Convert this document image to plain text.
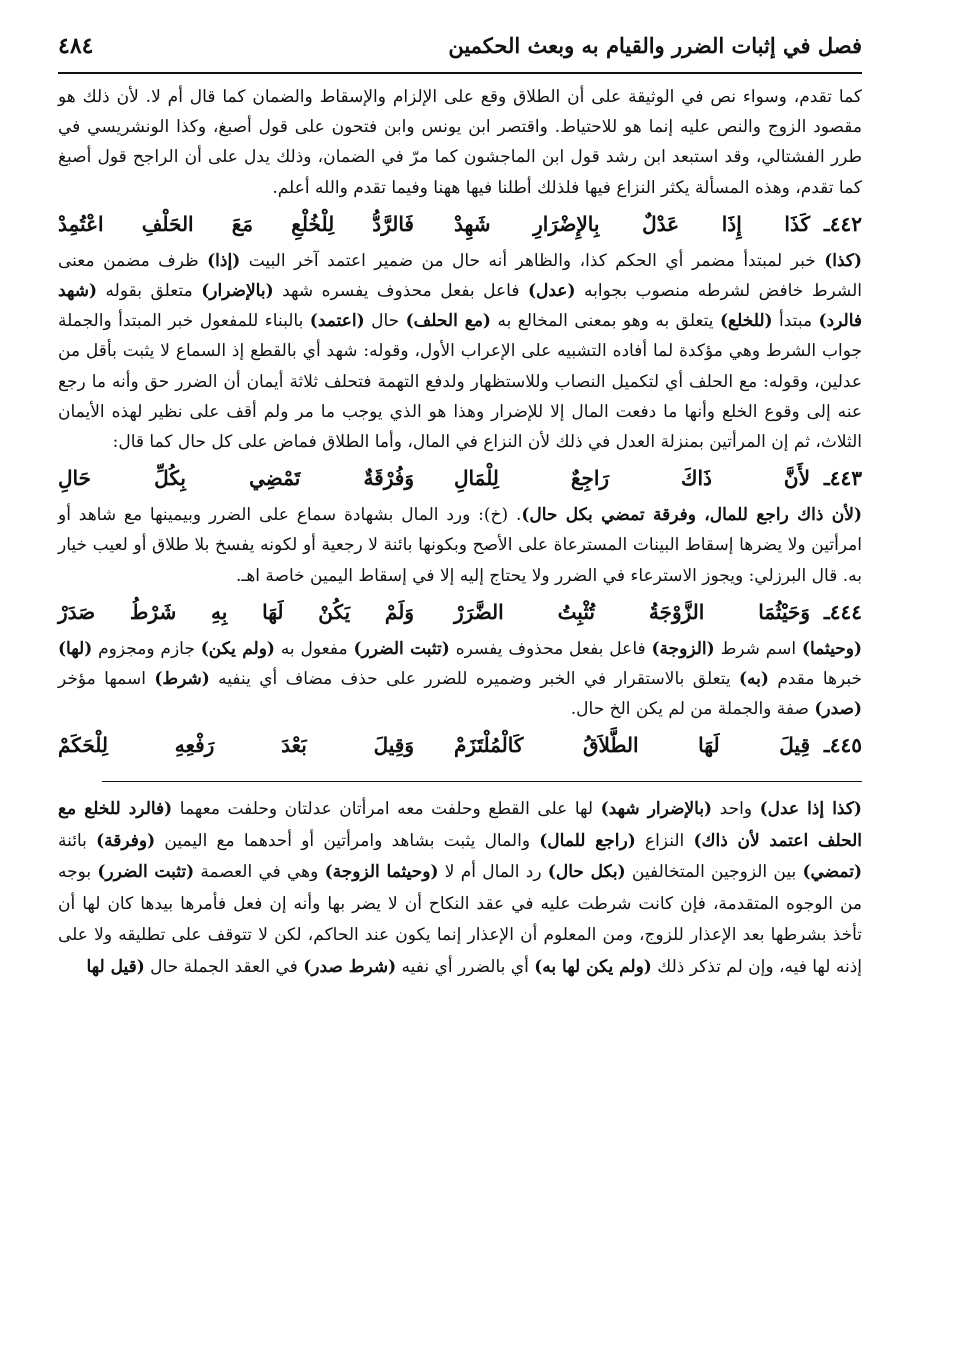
فصل في إثبات الضرر والقيام به وبعث الحكمين
٤٨٤

كما تقدم، وسواء نص في الوثيقة على أن الطلاق وقع على الإلزام والإسقاط والضمان كما قال أم لا. لأن ذلك هو مقصود الزوج والنص عليه إنما هو للاحتياط. واقتصر ابن يونس وابن فتحون على قول أصبغ، وكذا الونشريسي في طرر الفشتالي، وقد استبعد ابن رشد قول ابن الماجشون كما مرّ في الضمان، وذلك يدل على أن الراجح قول أصبغ كما تقدم، وهذه المسألة يكثر النزاع فيها فلذلك أطلنا فيها ههنا وفيما تقدم والله أعلم.

٤٤٢ـ
كَذَا إِذَا عَدْلٌ بِالإِضْرَارِ شَهِدْ
فَالرَّدُّ لِلْخُلْعِ مَعَ الحَلْفِ اعْتُمِدْ

(كذا) خبر لمبتدأ مضمر أي الحكم كذا، والظاهر أنه حال من ضمير اعتمد آخر البيت (إذا) ظرف مضمن معنى الشرط خافض لشرطه منصوب بجوابه (عدل) فاعل بفعل محذوف يفسره شهد (بالإضرار) متعلق بقوله (شهد فالرد) مبتدأ (للخلع) يتعلق به وهو بمعنى المخالع به (مع الحلف) حال (اعتمد) بالبناء للمفعول خبر المبتدأ والجملة جواب الشرط وهي مؤكدة لما أفاده التشبيه على الإعراب الأول، وقوله: شهد أي بالقطع إذ السماع لا يثبت بأقل من عدلين، وقوله: مع الحلف أي لتكميل النصاب وللاستظهار ولدفع التهمة فتحلف ثلاثة أيمان أن الضرر حق وأنه ما رجع عنه إلى وقوع الخلع وأنها ما دفعت المال إلا للإضرار وهذا هو الذي يوجب ما مر ولم أقف على نظير لهذه الأيمان الثلاث، ثم إن المرأتين بمنزلة العدل في ذلك لأن النزاع في المال، وأما الطلاق فماض على كل حال كما قال:

٤٤٣ـ
لأَنَّ ذَاكَ رَاجِعٌ لِلْمَالِ
وَفُرْقَةٌ تَمْضِي بِكُلِّ حَالِ

(لأن ذاك راجع للمال، وفرقة تمضي بكل حال). (خ): ورد المال بشهادة سماع على الضرر وبيمينها مع شاهد أو امرأتين ولا يضرها إسقاط البينات المسترعاة على الأصح وبكونها بائنة لا رجعية أو لكونه يفسخ بلا طلاق أو لعيب خيار به. قال البرزلي: ويجوز الاسترعاء في الضرر ولا يحتاج إليه إلا في إسقاط اليمين خاصة اهـ.

٤٤٤ـ
وَحَيْثُمَا الزَّوْجَةُ تُثْبِتُ الضَّرَرْ
وَلَمْ يَكُنْ لَهَا بِهِ شَرْطُ صَدَرْ

(وحيثما) اسم شرط (الزوجة) فاعل بفعل محذوف يفسره (تثبت الضرر) مفعول به (ولم يكن) جازم ومجزوم (لها) خبرها مقدم (به) يتعلق بالاستقرار في الخبر وضميره للضرر على حذف مضاف أي ينفيه (شرط) اسمها مؤخر (صدر) صفة والجملة من لم يكن الخ حال.

٤٤٥ـ
قِيلَ لَهَا الطَّلاَقُ كَالْمُلْتَزَمْ
وَقِيلَ بَعْدَ رَفْعِهِ لِلْحَكَمْ

(كذا إذا عدل) واحد (بالإضرار شهد) لها على القطع وحلفت معه امرأتان عدلتان وحلفت معهما (فالرد للخلع مع الحلف اعتمد لأن ذاك) النزاع (راجع للمال) والمال يثبت بشاهد وامرأتين أو أحدهما مع اليمين (وفرقة) بائنة (تمضي) بين الزوجين المتخالفين (بكل حال) رد المال أم لا (وحيثما الزوجة) وهي في العصمة (تثبت الضرر) بوجه من الوجوه المتقدمة، فإن كانت شرطت عليه في عقد النكاح أن لا يضر بها وأنه إن فعل فأمرها بيدها كان لها أن تأخذ بشرطها بعد الإعذار للزوج، ومن المعلوم أن الإعذار إنما يكون عند الحاكم، لكن لا تتوقف على تطليقه ولا على إذنه لها فيه، وإن لم تذكر ذلك (ولم يكن لها به) أي بالضرر أي نفيه (شرط صدر) في العقد الجملة حال (قيل لها
